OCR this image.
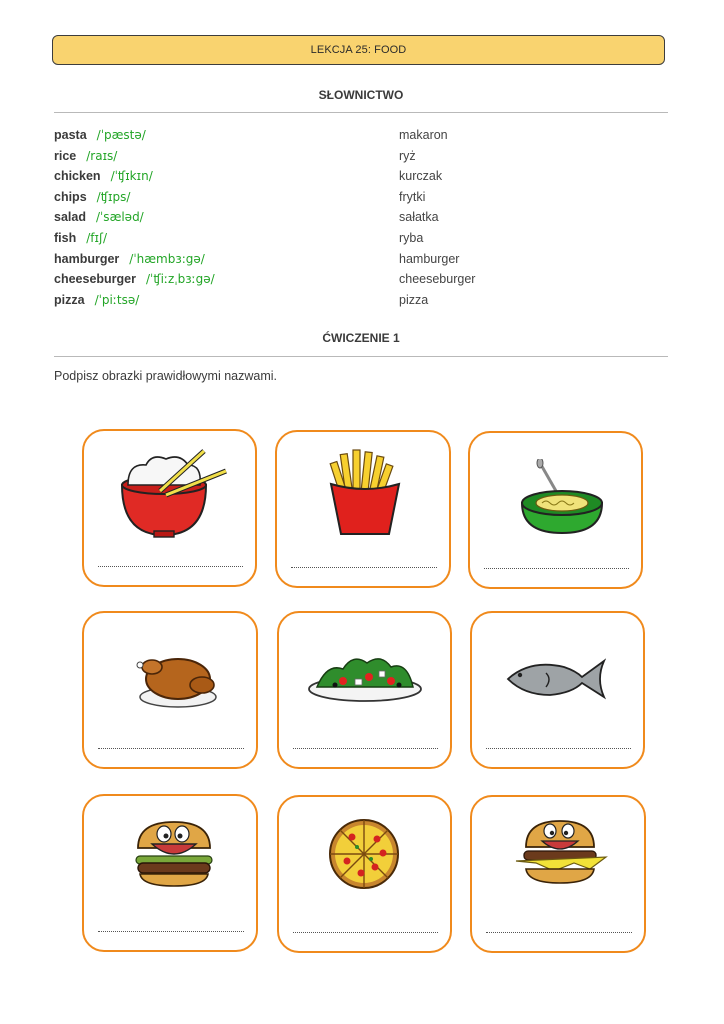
LEKCJA 25: FOOD
SŁOWNICTWO
pasta /ˈpæstə/	makaron
rice /raɪs/	ryż
chicken /ˈʧɪkɪn/	kurczak
chips /ʧɪps/	frytki
salad /ˈsæləd/	sałatka
fish /fɪʃ/	ryba
hamburger /ˈhæmbɜ:gə/	hamburger
cheeseburger /ˈʧiːzˌbɜːgə/	cheeseburger
pizza /ˈpiːtsə/	pizza
ĆWICZENIE 1
Podpisz obrazki prawidłowymi nazwami.
